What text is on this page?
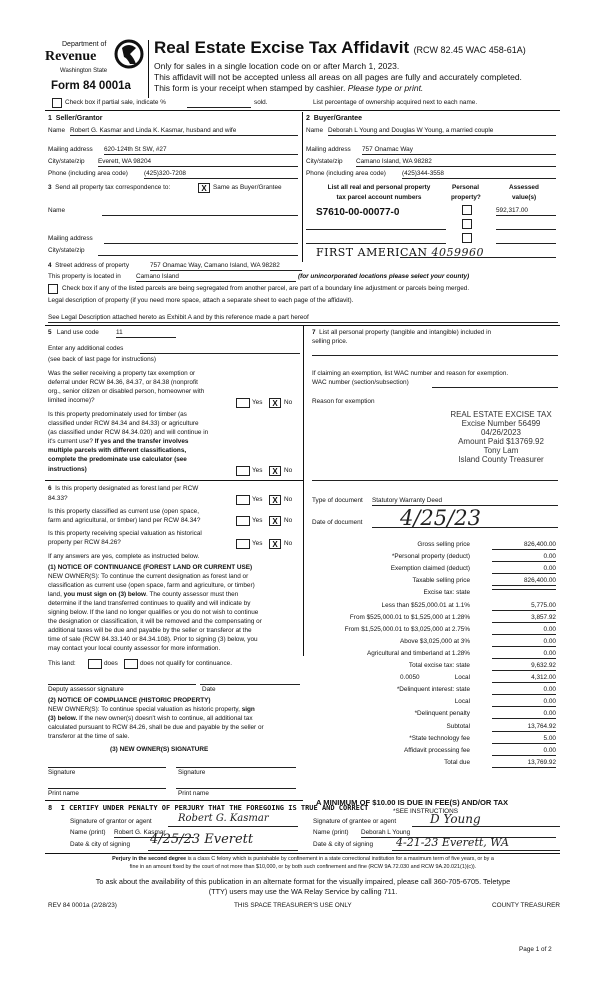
Department of
Revenue
Washington State
Form 84 0001a
Real Estate Excise Tax Affidavit (RCW 82.45 WAC 458-61A)
Only for sales in a single location code on or after March 1, 2023.
This affidavit will not be accepted unless all areas on all pages are fully and accurately completed.
This form is your receipt when stamped by cashier. Please type or print.
Check box if partial sale, indicate %	sold.	List percentage of ownership acquired next to each name.
1 Seller/Grantor
Name Robert G. Kasmar and Linda K. Kasmar, husband and wife
Mailing address 620-124th St SW, #27
City/state/zip Everett, WA 98204
Phone (including area code)	(425)320-7208
2 Buyer/Grantee
Name Deborah L Young and Douglas W Young, a married couple
Mailing address 757 Onamac Way
City/state/zip Camano Island, WA 98282
Phone (including area code)	(425)344-3558
3 Send all property tax correspondence to:	X Same as Buyer/Grantee
Name
Mailing address
City/state/zip
List all real and personal property
tax parcel account numbers
Personal
property?
Assessed
value(s)
S7610-00-00077-0	592,317.00
FIRST AMERICAN 4059960
4 Street address of property	757 Onamac Way, Camano Island, WA 98282
This property is located in Camano Island	(for unincorporated locations please select your county)
Check box if any of the listed parcels are being segregated from another parcel, are part of a boundary line adjustment or parcels being merged.
Legal description of property (if you need more space, attach a separate sheet to each page of the affidavit).
See Legal Description attached hereto as Exhibit A and by this reference made a part hereof
5 Land use code	11
Enter any additional codes
(see back of last page for instructions)
Was the seller receiving a property tax exemption or
deferral under RCW 84.36, 84.37, or 84.38 (nonprofit
org., senior citizen or disabled person, homeowner with
limited income)?	Yes	X No
Is this property predominately used for timber (as
classified under RCW 84.34 and 84.33) or agriculture
(as classified under RCW 84.34.020) and will continue in
it's current use? If yes and the transfer involves
multiple parcels with different classifications,
complete the predominate use calculator (see
instructions)	Yes	X No
7 List all personal property (tangible and intangible) included in
selling price.
If claiming an exemption, list WAC number and reason for exemption.
WAC number (section/subsection)
Reason for exemption
REAL ESTATE EXCISE TAX
Excise Number 56499
04/26/2023
Amount Paid $13769.92
Tony Lam
Island County Treasurer
6 Is this property designated as forest land per RCW
84.33?	Yes	X No
Is this property classified as current use (open space,
farm and agricultural, or timber) land per RCW 84.34?	Yes	X No
Is this property receiving special valuation as historical
property per RCW 84.26?	Yes	X No
If any answers are yes, complete as instructed below.
(1) NOTICE OF CONTINUANCE (FOREST LAND OR CURRENT USE)
NEW OWNER(S): To continue the current designation as forest land or
classification as current use (open space, farm and agriculture, or timber)
land, you must sign on (3) below. The county assessor must then
determine if the land transferred continues to qualify and will indicate by
signing below. If the land no longer qualifies or you do not wish to continue
the designation or classification, it will be removed and the compensating or
additional taxes will be due and payable by the seller or transferor at the
time of sale (RCW 84.33.140 or 84.34.108). Prior to signing (3) below, you
may contact your local county assessor for more information.
This land:	does	does not qualify for continuance.
Deputy assessor signature	Date
(2) NOTICE OF COMPLIANCE (HISTORIC PROPERTY)
NEW OWNER(S): To continue special valuation as historic property, sign
(3) below. If the new owner(s) doesn't wish to continue, all additional tax
calculated pursuant to RCW 84.26, shall be due and payable by the seller or
transferor at the time of sale.
(3) NEW OWNER(S) SIGNATURE
Signature	Signature
Print name	Print name
Type of document Statutory Warranty Deed
Date of document 4/25/23
Gross selling price	826,400.00
*Personal property (deduct)	0.00
Exemption claimed (deduct)	0.00
Taxable selling price	826,400.00
Excise tax: state
Less than $525,000.01 at 1.1%	5,775.00
From $525,000.01 to $1,525,000 at 1.28%	3,857.92
From $1,525,000.01 to $3,025,000 at 2.75%	0.00
Above $3,025,000 at 3%	0.00
Agricultural and timberland at 1.28%	0.00
Total excise tax: state	9,632.92
Local	4,312.00
*Delinquent interest: state	0.00
Local	0.00
*Delinquent penalty	0.00
Subtotal	13,764.92
*State technology fee	5.00
Affidavit processing fee	0.00
Total due	13,769.92
0.0050
A MINIMUM OF $10.00 IS DUE IN FEE(S) AND/OR TAX
*SEE INSTRUCTIONS
8 I CERTIFY UNDER PENALTY OF PERJURY THAT THE FOREGOING IS TRUE AND CORRECT
Signature of grantor or agent	Robert G. Kasmar
Name (print) Robert G. Kasmar
Date & city of signing 4/25/23 Everett
Signature of grantee or agent	D Young
Name (print) Deborah L Young
Date & city of signing 4-21-23 Everett, WA
Perjury in the second degree is a class C felony which is punishable by confinement in a state correctional institution for a maximum term of five years, or by a
fine in an amount fixed by the court of not more than $10,000, or by both such confinement and fine (RCW 9A.72.030 and RCW 9A.20.021(1)(c)).
To ask about the availability of this publication in an alternate format for the visually impaired, please call 360-705-6705. Teletype
(TTY) users may use the WA Relay Service by calling 711.
REV 84 0001a (2/28/23)	THIS SPACE TREASURER'S USE ONLY	COUNTY TREASURER
Page 1 of 2
